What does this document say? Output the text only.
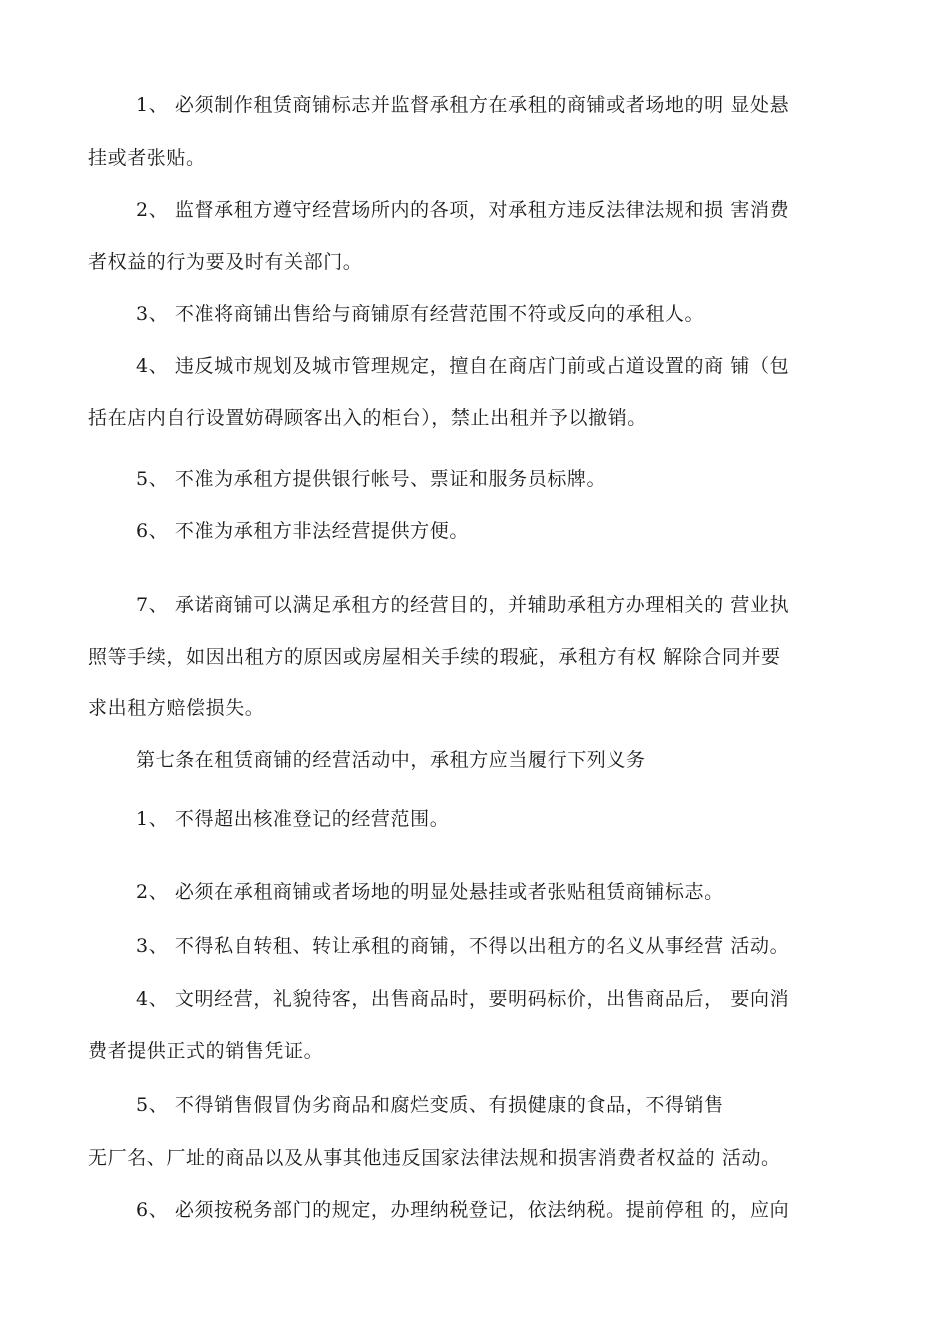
1、 必须制作租赁商铺标志并监督承租方在承租的商铺或者场地的明 显处悬
挂或者张贴。
2、 监督承租方遵守经营场所内的各项，对承租方违反法律法规和损 害消费
者权益的行为要及时有关部门。
3、 不准将商铺出售给与商铺原有经营范围不符或反向的承租人。
4、 违反城市规划及城市管理规定，擅自在商店门前或占道设置的商 铺（包
括在店内自行设置妨碍顾客出入的柜台），禁止出租并予以撤销。
5、 不准为承租方提供银行帐号、票证和服务员标牌。
6、 不准为承租方非法经营提供方便。
7、 承诺商铺可以满足承租方的经营目的，并辅助承租方办理相关的 营业执
照等手续，如因出租方的原因或房屋相关手续的瑕疵，承租方有权 解除合同并要
求出租方赔偿损失。
第七条在租赁商铺的经营活动中，承租方应当履行下列义务
1、 不得超出核准登记的经营范围。
2、 必须在承租商铺或者场地的明显处悬挂或者张贴租赁商铺标志。
3、 不得私自转租、转让承租的商铺，不得以出租方的名义从事经营 活动。
4、 文明经营，礼貌待客，出售商品时，要明码标价，出售商品后， 要向消
费者提供正式的销售凭证。
5、 不得销售假冒伪劣商品和腐烂变质、有损健康的食品，不得销售
无厂名、厂址的商品以及从事其他违反国家法律法规和损害消费者权益的 活动。
6、 必须按税务部门的规定，办理纳税登记，依法纳税。提前停租 的，应向
